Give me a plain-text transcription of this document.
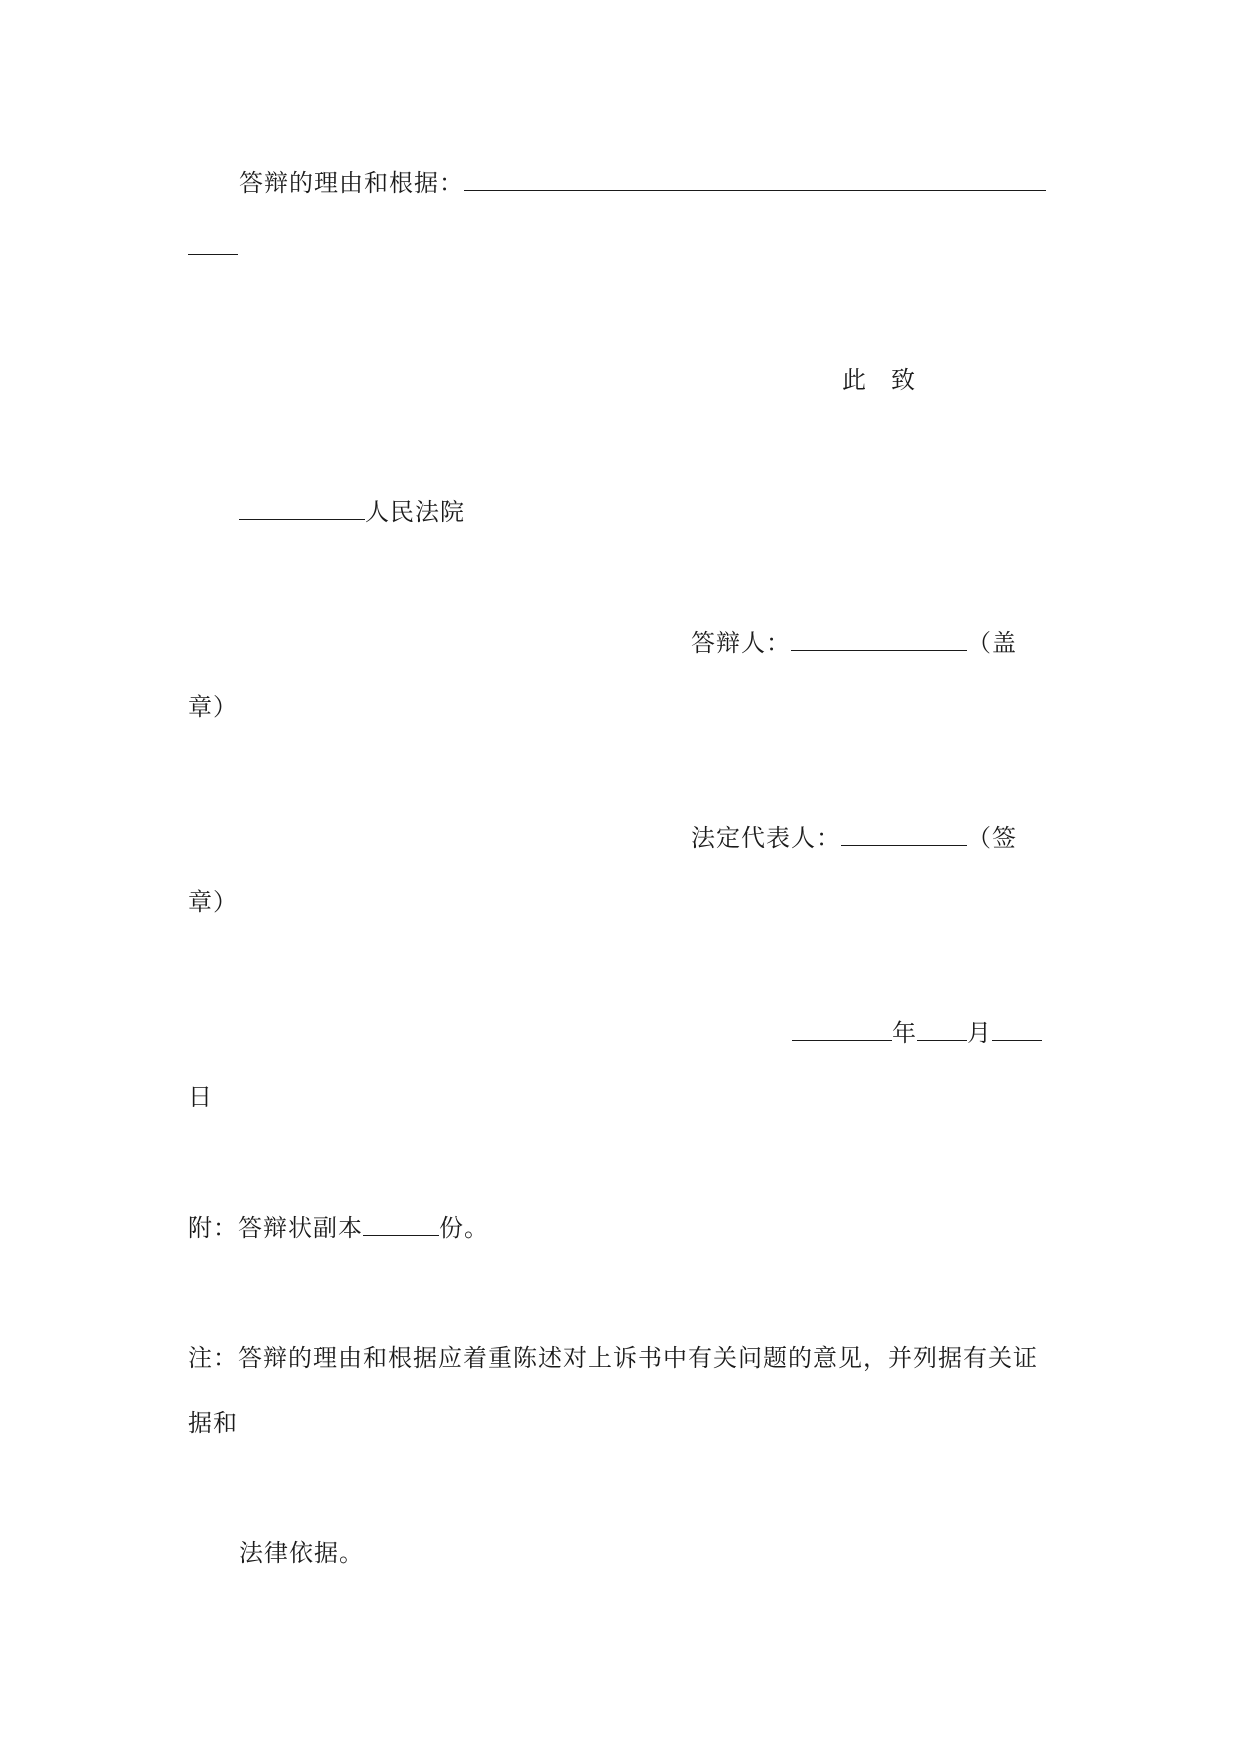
答辩的理由和根据：
此 致
人民法院
答辩人：	（盖
章）
法定代表人：	（签
章）
年 月
日
附：答辩状副本	份。
注：答辩的理由和根据应着重陈述对上诉书中有关问题的意见，并列据有关证
据和
法律依据。
